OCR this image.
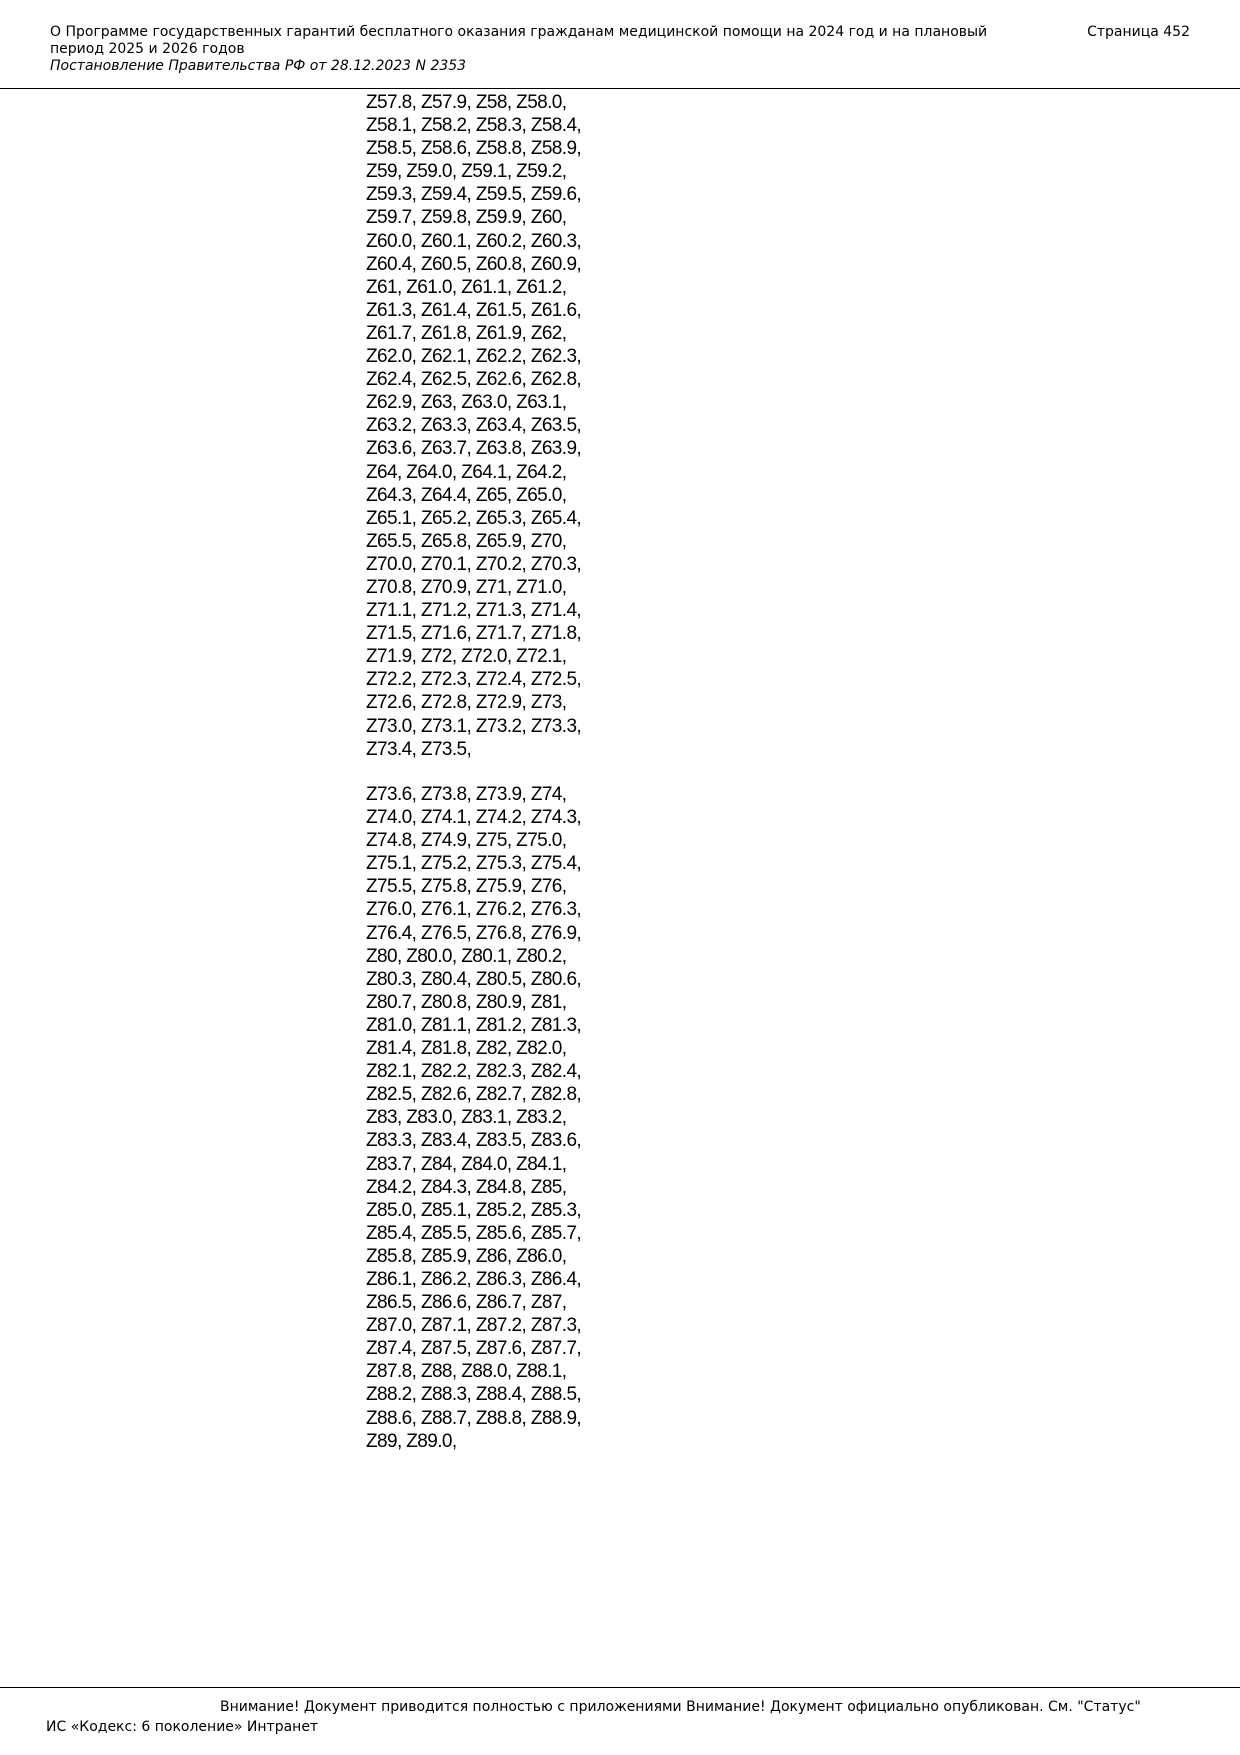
О Программе государственных гарантий бесплатного оказания гражданам медицинской помощи на 2024 год и на плановый период 2025 и 2026 годов
Постановление Правительства РФ от 28.12.2023 N 2353
Страница 452
Z57.8, Z57.9, Z58, Z58.0,
Z58.1, Z58.2, Z58.3, Z58.4,
Z58.5, Z58.6, Z58.8, Z58.9,
Z59, Z59.0, Z59.1, Z59.2,
Z59.3, Z59.4, Z59.5, Z59.6,
Z59.7, Z59.8, Z59.9, Z60,
Z60.0, Z60.1, Z60.2, Z60.3,
Z60.4, Z60.5, Z60.8, Z60.9,
Z61, Z61.0, Z61.1, Z61.2,
Z61.3, Z61.4, Z61.5, Z61.6,
Z61.7, Z61.8, Z61.9, Z62,
Z62.0, Z62.1, Z62.2, Z62.3,
Z62.4, Z62.5, Z62.6, Z62.8,
Z62.9, Z63, Z63.0, Z63.1,
Z63.2, Z63.3, Z63.4, Z63.5,
Z63.6, Z63.7, Z63.8, Z63.9,
Z64, Z64.0, Z64.1, Z64.2,
Z64.3, Z64.4, Z65, Z65.0,
Z65.1, Z65.2, Z65.3, Z65.4,
Z65.5, Z65.8, Z65.9, Z70,
Z70.0, Z70.1, Z70.2, Z70.3,
Z70.8, Z70.9, Z71, Z71.0,
Z71.1, Z71.2, Z71.3, Z71.4,
Z71.5, Z71.6, Z71.7, Z71.8,
Z71.9, Z72, Z72.0, Z72.1,
Z72.2, Z72.3, Z72.4, Z72.5,
Z72.6, Z72.8, Z72.9, Z73,
Z73.0, Z73.1, Z73.2, Z73.3,
Z73.4, Z73.5,
Z73.6, Z73.8, Z73.9, Z74,
Z74.0, Z74.1, Z74.2, Z74.3,
Z74.8, Z74.9, Z75, Z75.0,
Z75.1, Z75.2, Z75.3, Z75.4,
Z75.5, Z75.8, Z75.9, Z76,
Z76.0, Z76.1, Z76.2, Z76.3,
Z76.4, Z76.5, Z76.8, Z76.9,
Z80, Z80.0, Z80.1, Z80.2,
Z80.3, Z80.4, Z80.5, Z80.6,
Z80.7, Z80.8, Z80.9, Z81,
Z81.0, Z81.1, Z81.2, Z81.3,
Z81.4, Z81.8, Z82, Z82.0,
Z82.1, Z82.2, Z82.3, Z82.4,
Z82.5, Z82.6, Z82.7, Z82.8,
Z83, Z83.0, Z83.1, Z83.2,
Z83.3, Z83.4, Z83.5, Z83.6,
Z83.7, Z84, Z84.0, Z84.1,
Z84.2, Z84.3, Z84.8, Z85,
Z85.0, Z85.1, Z85.2, Z85.3,
Z85.4, Z85.5, Z85.6, Z85.7,
Z85.8, Z85.9, Z86, Z86.0,
Z86.1, Z86.2, Z86.3, Z86.4,
Z86.5, Z86.6, Z86.7, Z87,
Z87.0, Z87.1, Z87.2, Z87.3,
Z87.4, Z87.5, Z87.6, Z87.7,
Z87.8, Z88, Z88.0, Z88.1,
Z88.2, Z88.3, Z88.4, Z88.5,
Z88.6, Z88.7, Z88.8, Z88.9,
Z89, Z89.0,
Внимание! Документ приводится полностью с приложениями Внимание! Документ официально опубликован. См. "Статус"
ИС «Кодекс: 6 поколение» Интранет
